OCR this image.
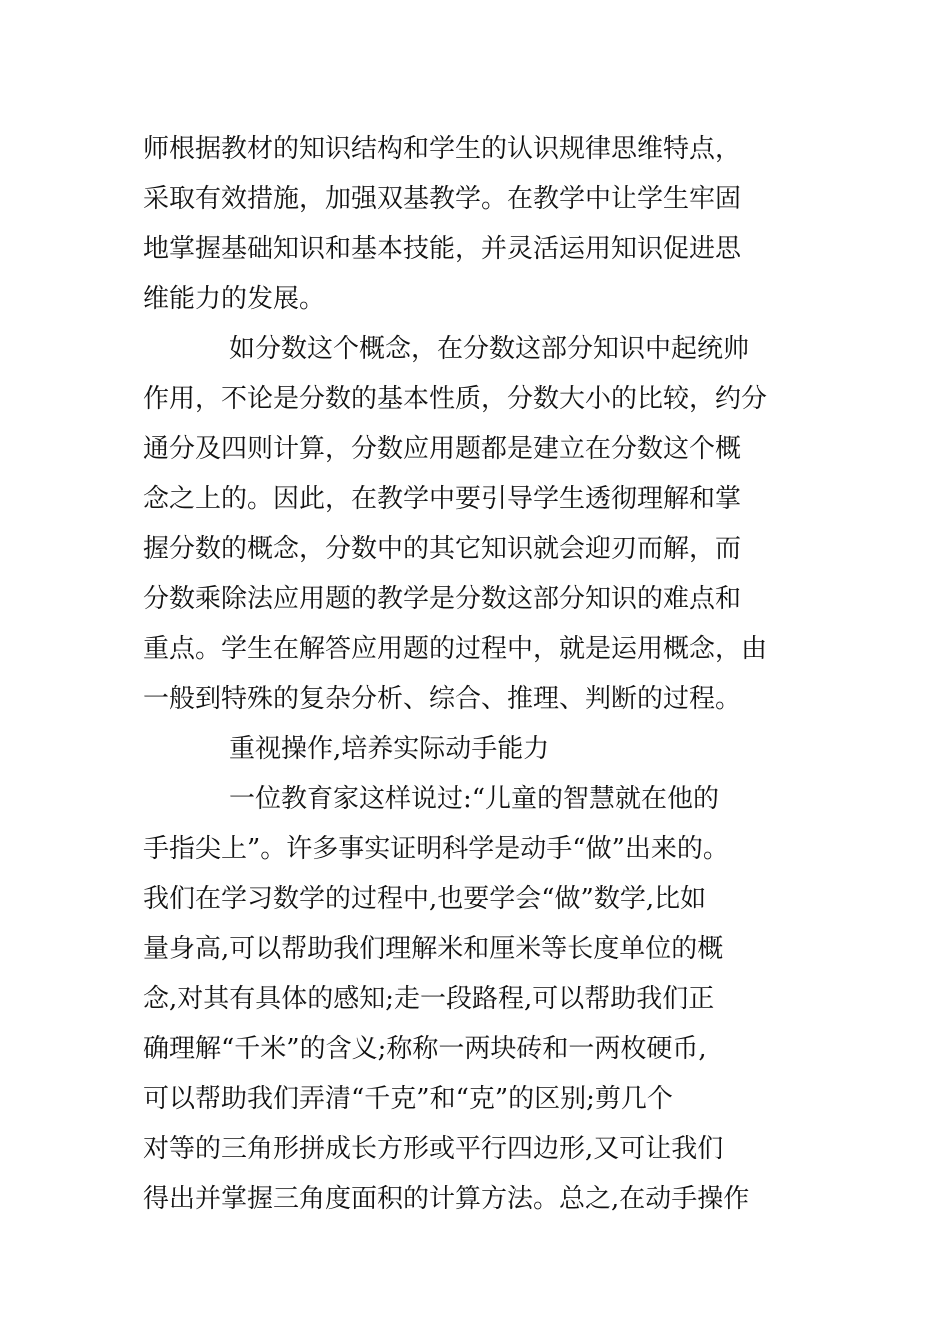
师根据教材的知识结构和学生的认识规律思维特点，
采取有效措施，加强双基教学。在教学中让学生牢固
地掌握基础知识和基本技能，并灵活运用知识促进思
维能力的发展。
如分数这个概念，在分数这部分知识中起统帅
作用，不论是分数的基本性质，分数大小的比较，约分
通分及四则计算，分数应用题都是建立在分数这个概
念之上的。因此，在教学中要引导学生透彻理解和掌
握分数的概念，分数中的其它知识就会迎刃而解，而
分数乘除法应用题的教学是分数这部分知识的难点和
重点。学生在解答应用题的过程中，就是运用概念，由
一般到特殊的复杂分析、综合、推理、判断的过程。
重视操作,培养实际动手能力
一位教育家这样说过:“儿童的智慧就在他的
手指尖上”。许多事实证明科学是动手“做”出来的。
我们在学习数学的过程中,也要学会“做”数学,比如
量身高,可以帮助我们理解米和厘米等长度单位的概
念,对其有具体的感知;走一段路程,可以帮助我们正
确理解“千米”的含义;称称一两块砖和一两枚硬币,
可以帮助我们弄清“千克”和“克”的区别;剪几个
对等的三角形拼成长方形或平行四边形,又可让我们
得出并掌握三角度面积的计算方法。总之,在动手操作
